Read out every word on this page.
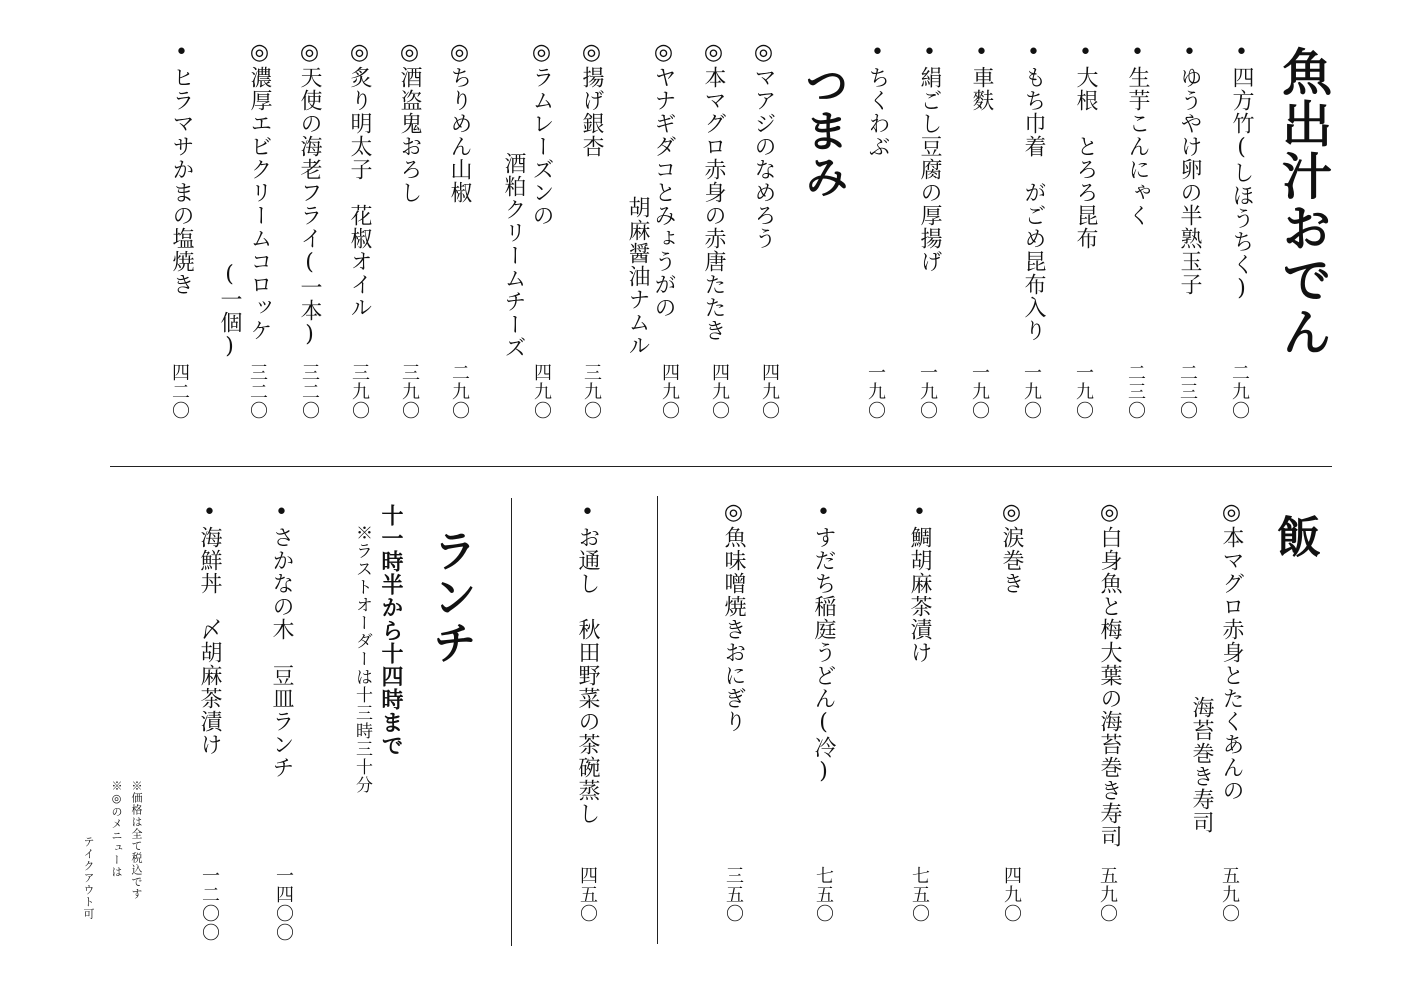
魚出汁おでん
•四方竹(しほうちく)
二九〇
•ゆうやけ卵の半熟玉子
二三〇
•生芋こんにゃく
二三〇
•大根　とろろ昆布
一九〇
•もち巾着　がごめ昆布入り
一九〇
•車麩
一九〇
•絹ごし豆腐の厚揚げ
一九〇
•ちくわぶ
一九〇
つまみ
◎マアジのなめろう
四九〇
◎本マグロ赤身の赤唐たたき
四九〇
◎ヤナギダコとみょうがの
胡麻醤油ナムル
四九〇
◎揚げ銀杏
三九〇
◎ラムレーズンの
酒粕クリームチーズ
四九〇
◎ちりめん山椒
二九〇
◎酒盗鬼おろし
三九〇
◎炙り明太子　花椒オイル
三九〇
◎天使の海老フライ(一本)
三二〇
◎濃厚エビクリームコロッケ
(一個)
三二〇
•ヒラマサかまの塩焼き
四二〇
飯
◎本マグロ赤身とたくあんの
海苔巻き寿司
五九〇
◎白身魚と梅大葉の海苔巻き寿司
五九〇
◎涙巻き
四九〇
•鯛胡麻茶漬け
七五〇
•すだち稲庭うどん(冷)
七五〇
◎魚味噌焼きおにぎり
三五〇
•お通し　秋田野菜の茶碗蒸し
四五〇
ランチ
十一時半から十四時まで
※ラストオーダーは十三時三十分
•さかなの木　豆皿ランチ
一四〇〇
•海鮮丼　〆胡麻茶漬け
一二〇〇
※価格は全て税込です
※◎のメニューは
テイクアウト可
